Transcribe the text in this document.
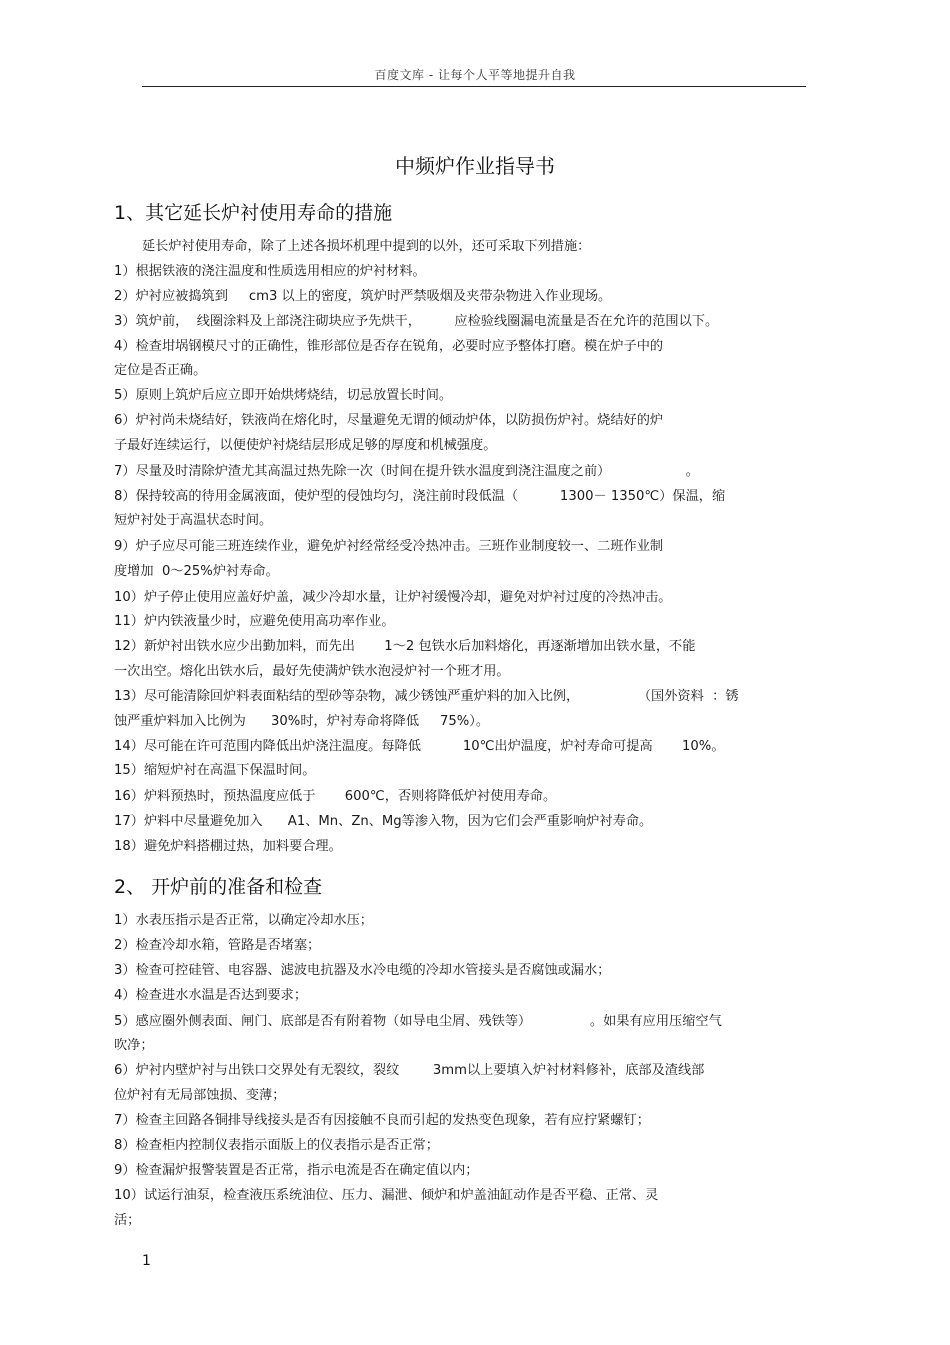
百度文库 - 让每个人平等地提升自我
中频炉作业指导书
1、其它延长炉衬使用寿命的措施
延长炉衬使用寿命，除了上述各损坏机理中提到的以外，还可采取下列措施：
1）根据铁液的浇注温度和性质选用相应的炉衬材料。
2）炉衬应被捣筑到     cm3 以上的密度，筑炉时严禁吸烟及夹带杂物进入作业现场。
3）筑炉前，  线圈涂料及上部浇注砌块应予先烘干，        应检验线圈漏电流量是否在允许的范围以下。
4）检查坩埚钢模尺寸的正确性，锥形部位是否存在锐角，必要时应予整体打磨。模在炉子中的
定位是否正确。
5）原则上筑炉后应立即开始烘烤烧结，切忌放置长时间。
6）炉衬尚未烧结好，铁液尚在熔化时，尽量避免无谓的倾动炉体，以防损伤炉衬。烧结好的炉
子最好连续运行，以便使炉衬烧结层形成足够的厚度和机械强度。
7）尽量及时清除炉渣尤其高温过热先除一次（时间在提升铁水温度到浇注温度之前）                  。
8）保持较高的待用金属液面，使炉型的侵蚀均匀，浇注前时段低温（          1300－ 1350℃）保温，缩
短炉衬处于高温状态时间。
9）炉子应尽可能三班连续作业，避免炉衬经常经受冷热冲击。三班作业制度较一、二班作业制
度增加  0～25%炉衬寿命。
10）炉子停止使用应盖好炉盖，减少冷却水量，让炉衬缓慢冷却，避免对炉衬过度的冷热冲击。
11）炉内铁液量少时，应避免使用高功率作业。
12）新炉衬出铁水应少出勤加料，而先出       1～2 包铁水后加料熔化，再逐渐增加出铁水量，不能
一次出空。熔化出铁水后，最好先使满炉铁水泡浸炉衬一个班才用。
13）尽可能清除回炉料表面粘结的型砂等杂物，减少锈蚀严重炉料的加入比例，              （国外资料  ：锈
蚀严重炉料加入比例为      30%时，炉衬寿命将降低     75%）。
14）尽可能在许可范围内降低出炉浇注温度。每降低          10℃出炉温度，炉衬寿命可提高       10%。
15）缩短炉衬在高温下保温时间。
16）炉料预热时，预热温度应低于       600℃，否则将降低炉衬使用寿命。
17）炉料中尽量避免加入      A1、Mn、Zn、Mg等渗入物，因为它们会严重影响炉衬寿命。
18）避免炉料搭棚过热，加料要合理。
2、 开炉前的准备和检查
1）水表压指示是否正常，以确定冷却水压；
2）检查冷却水箱，管路是否堵塞；
3）检查可控硅管、电容器、滤波电抗器及水冷电缆的冷却水管接头是否腐蚀或漏水；
4）检查进水水温是否达到要求；
5）感应圈外侧表面、闸门、底部是否有附着物（如导电尘屑、残铁等）              。如果有应用压缩空气
吹净；
6）炉衬内壁炉衬与出铁口交界处有无裂纹，裂纹        3mm以上要填入炉衬材料修补，底部及渣线部
位炉衬有无局部蚀损、变薄；
7）检查主回路各铜排导线接头是否有因接触不良而引起的发热变色现象，若有应拧紧螺钉；
8）检查柜内控制仪表指示面版上的仪表指示是否正常；
9）检查漏炉报警装置是否正常，指示电流是否在确定值以内；
10）试运行油泵，检查液压系统油位、压力、漏泄、倾炉和炉盖油缸动作是否平稳、正常、灵
活；
1
